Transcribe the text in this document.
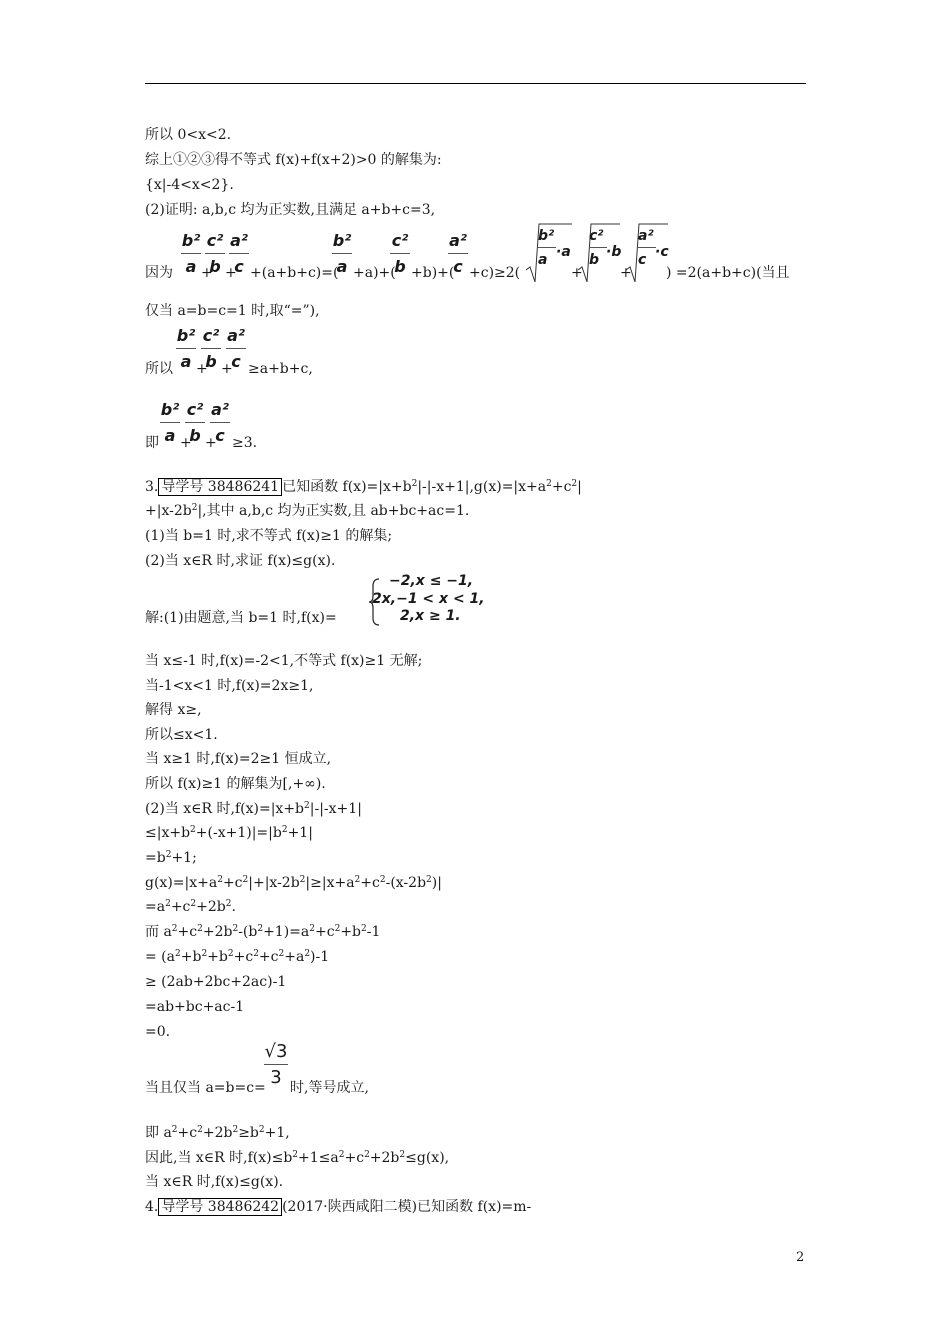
所以 0<x<2.
综上①②③得不等式 f(x)+f(x+2)>0 的解集为:
{x|-4<x<2}.
(2)证明: a,b,c 均为正实数,且满足 a+b+c=3,
因为
b²
a +
c²
b +
a²
c +(a+b+c)=(
b²
a +a)+(
c²
b +b)+(
a²
c +c)≥2(
b²
a ·a
+
c²
b ·b
+
a²
c ·c
) =2(a+b+c)(当且
仅当 a=b=c=1 时,取“=”),
所以
b²
a +
c²
b +
a²
c ≥a+b+c,
即
b²
a +
c²
b +
a²
c ≥3.
3. 导学号 38486241 已知函数 $f(x)=|x+b^2|-|-x+1|,g(x)=|x+a^2+c^2|$
$+|x-2b^2|$,其中 a,b,c 均为正实数,且 ab+bc+ac=1.
(1)当 b=1 时,求不等式 f(x)≥1 的解集;
(2)当 x∈R 时,求证 f(x)≤g(x).
解:(1)由题意,当 b=1 时,f(x)=
−2,x ≤ −1,
2x,−1 < x < 1,
2,x ≥ 1.
当 x≤-1 时,f(x)=-2<1,不等式 f(x)≥1 无解;
当-1<x<1 时,f(x)=2x≥1,
解得 x≥,
所以≤x<1.
当 x≥1 时,f(x)=2≥1 恒成立,
所以 f(x)≥1 的解集为[,+∞).
(2)当 x∈R 时$,f(x)=|x+b^2|-|-x+1|$
$\le|x+b^2+(-x+1)|=|b^2+1|$
$=b^2+1$;
$g(x)=|x+a^2+c^2|+|x-2b^2|\ge|x+a^2+c^2-(x-2b^2)|$
$=a^2+c^2+2b^2$.
而 $a^2+c^2+2b^2-(b^2+1)=a^2+c^2+b^2-1$
= $(a^2+b^2+b^2+c^2+c^2+a^2)-1$
≥ (2ab+2bc+2ac)-1
=ab+bc+ac-1
=0.
当且仅当 a=b=c=
√3
3 时,等号成立,
即 $a^2+c^2+2b^2\ge b^2+1$,
因此,当 x∈R 时$,f(x)\le b^2+1\le a^2+c^2+2b^2\le g(x)$,
当 x∈R 时,f(x)≤g(x).
4. 导学号 38486242 (2017·陕西咸阳二模)已知函数 f(x)=m-
2
